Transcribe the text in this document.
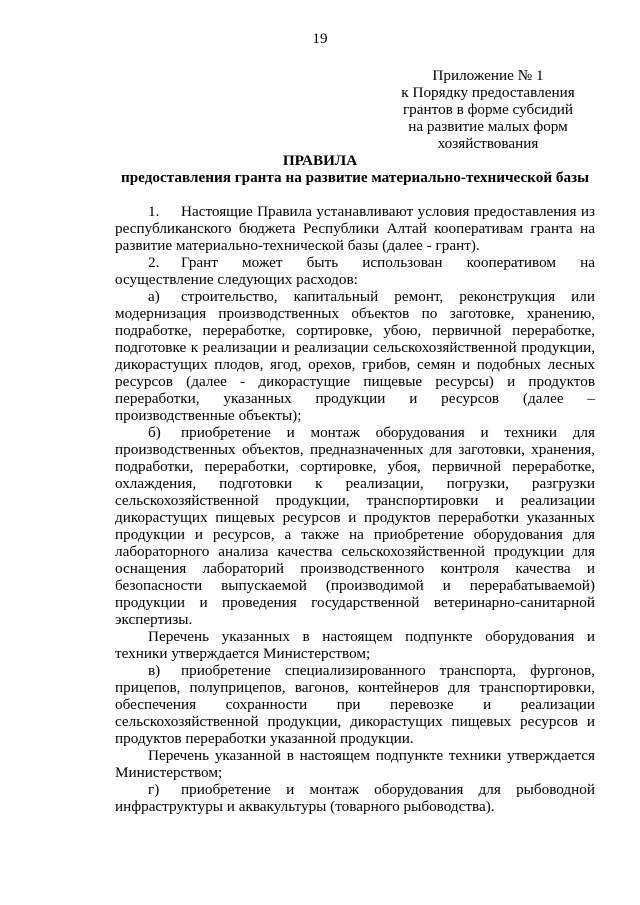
19
Приложение № 1
к Порядку предоставления
грантов в форме субсидий
на развитие малых форм
хозяйствования
ПРАВИЛА
предоставления гранта на развитие материально-технической базы

1. Настоящие Правила устанавливают условия предоставления из республиканского бюджета Республики Алтай кооперативам гранта на развитие материально-технической базы (далее - грант).

2. Грант может быть использован кооперативом на осуществление следующих расходов:

а) строительство, капитальный ремонт, реконструкция или модернизация производственных объектов по заготовке, хранению, подработке, переработке, сортировке, убою, первичной переработке, подготовке к реализации и реализации сельскохозяйственной продукции, дикорастущих плодов, ягод, орехов, грибов, семян и подобных лесных ресурсов (далее - дикорастущие пищевые ресурсы) и продуктов переработки, указанных продукции и ресурсов (далее – производственные объекты);

б) приобретение и монтаж оборудования и техники для производственных объектов, предназначенных для заготовки, хранения, подработки, переработки, сортировке, убоя, первичной переработке, охлаждения, подготовки к реализации, погрузки, разгрузки сельскохозяйственной продукции, транспортировки и реализации дикорастущих пищевых ресурсов и продуктов переработки указанных продукции и ресурсов, а также на приобретение оборудования для лабораторного анализа качества сельскохозяйственной продукции для оснащения лабораторий производственного контроля качества и безопасности выпускаемой (производимой и перерабатываемой) продукции и проведения государственной ветеринарно-санитарной экспертизы.

Перечень указанных в настоящем подпункте оборудования и техники утверждается Министерством;

в) приобретение специализированного транспорта, фургонов, прицепов, полуприцепов, вагонов, контейнеров для транспортировки, обеспечения сохранности при перевозке и реализации сельскохозяйственной продукции, дикорастущих пищевых ресурсов и продуктов переработки указанной продукции.

Перечень указанной в настоящем подпункте техники утверждается Министерством;

г) приобретение и монтаж оборудования для рыбоводной инфраструктуры и аквакультуры (товарного рыбоводства).
